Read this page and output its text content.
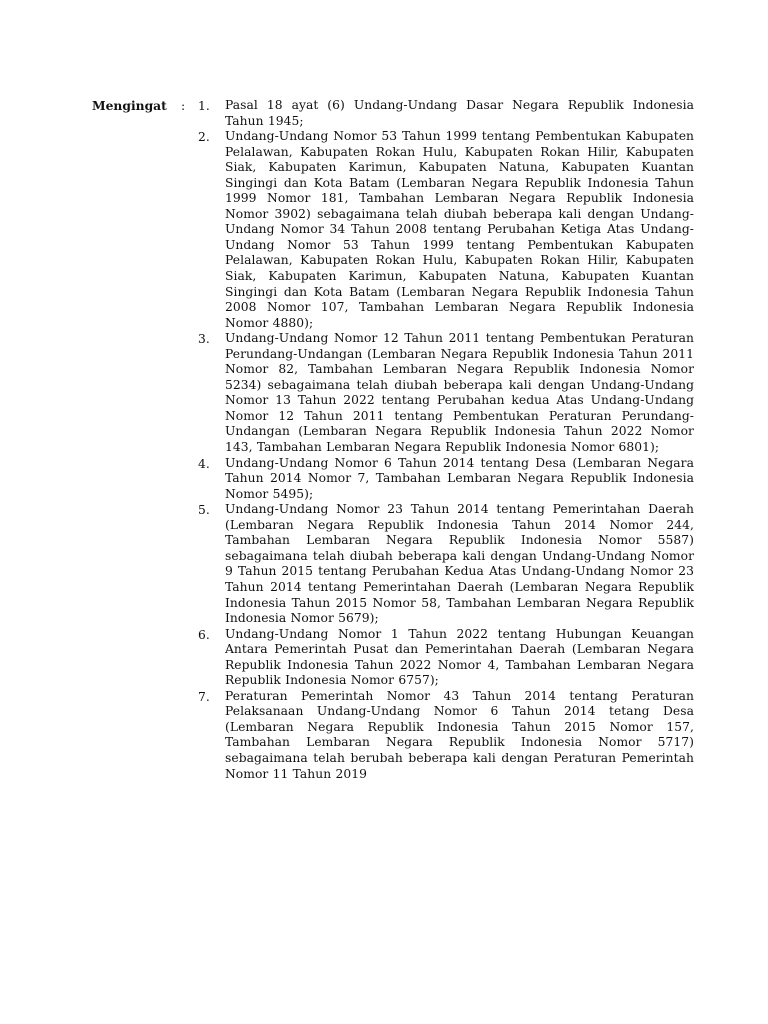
Mengingat :	1.	Pasal 18 ayat (6) Undang-Undang Dasar Negara Republik Indonesia Tahun 1945;
2.	Undang-Undang Nomor 53 Tahun 1999 tentang Pembentukan Kabupaten Pelalawan, Kabupaten Rokan Hulu, Kabupaten Rokan Hilir, Kabupaten Siak, Kabupaten Karimun, Kabupaten Natuna, Kabupaten Kuantan Singingi dan Kota Batam (Lembaran Negara Republik Indonesia Tahun 1999 Nomor 181, Tambahan Lembaran Negara Republik Indonesia Nomor 3902) sebagaimana telah diubah beberapa kali dengan Undang-Undang Nomor 34 Tahun 2008 tentang Perubahan Ketiga Atas Undang-Undang Nomor 53 Tahun 1999 tentang Pembentukan Kabupaten Pelalawan, Kabupaten Rokan Hulu, Kabupaten Rokan Hilir, Kabupaten Siak, Kabupaten Karimun, Kabupaten Natuna, Kabupaten Kuantan Singingi dan Kota Batam (Lembaran Negara Republik Indonesia Tahun 2008 Nomor 107, Tambahan Lembaran Negara Republik Indonesia Nomor 4880);
3.	Undang-Undang Nomor 12 Tahun 2011 tentang Pembentukan Peraturan Perundang-Undangan (Lembaran Negara Republik Indonesia Tahun 2011 Nomor 82, Tambahan Lembaran Negara Republik Indonesia Nomor 5234) sebagaimana telah diubah beberapa kali dengan Undang-Undang Nomor 13 Tahun 2022 tentang Perubahan kedua Atas Undang-Undang Nomor 12 Tahun 2011 tentang Pembentukan Peraturan Perundang-Undangan (Lembaran Negara Republik Indonesia Tahun 2022 Nomor 143, Tambahan Lembaran Negara Republik Indonesia Nomor 6801);
4.	Undang-Undang Nomor 6 Tahun 2014 tentang Desa (Lembaran Negara Tahun 2014 Nomor 7, Tambahan Lembaran Negara Republik Indonesia Nomor 5495);
5.	Undang-Undang Nomor 23 Tahun 2014 tentang Pemerintahan Daerah (Lembaran Negara Republik Indonesia Tahun 2014 Nomor 244, Tambahan Lembaran Negara Republik Indonesia Nomor 5587) sebagaimana telah diubah beberapa kali dengan Undang-Undang Nomor 9 Tahun 2015 tentang Perubahan Kedua Atas Undang-Undang Nomor 23 Tahun 2014 tentang Pemerintahan Daerah (Lembaran Negara Republik Indonesia Tahun 2015 Nomor 58, Tambahan Lembaran Negara Republik Indonesia Nomor 5679);
6.	Undang-Undang Nomor 1 Tahun 2022 tentang Hubungan Keuangan Antara Pemerintah Pusat dan Pemerintahan Daerah (Lembaran Negara Republik Indonesia Tahun 2022 Nomor 4, Tambahan Lembaran Negara Republik Indonesia Nomor 6757);
7.	Peraturan Pemerintah Nomor 43 Tahun 2014 tentang Peraturan Pelaksanaan Undang-Undang Nomor 6 Tahun 2014 tetang Desa (Lembaran Negara Republik Indonesia Tahun 2015 Nomor 157, Tambahan Lembaran Negara Republik Indonesia Nomor 5717) sebagaimana telah berubah beberapa kali dengan Peraturan Pemerintah Nomor 11 Tahun 2019
